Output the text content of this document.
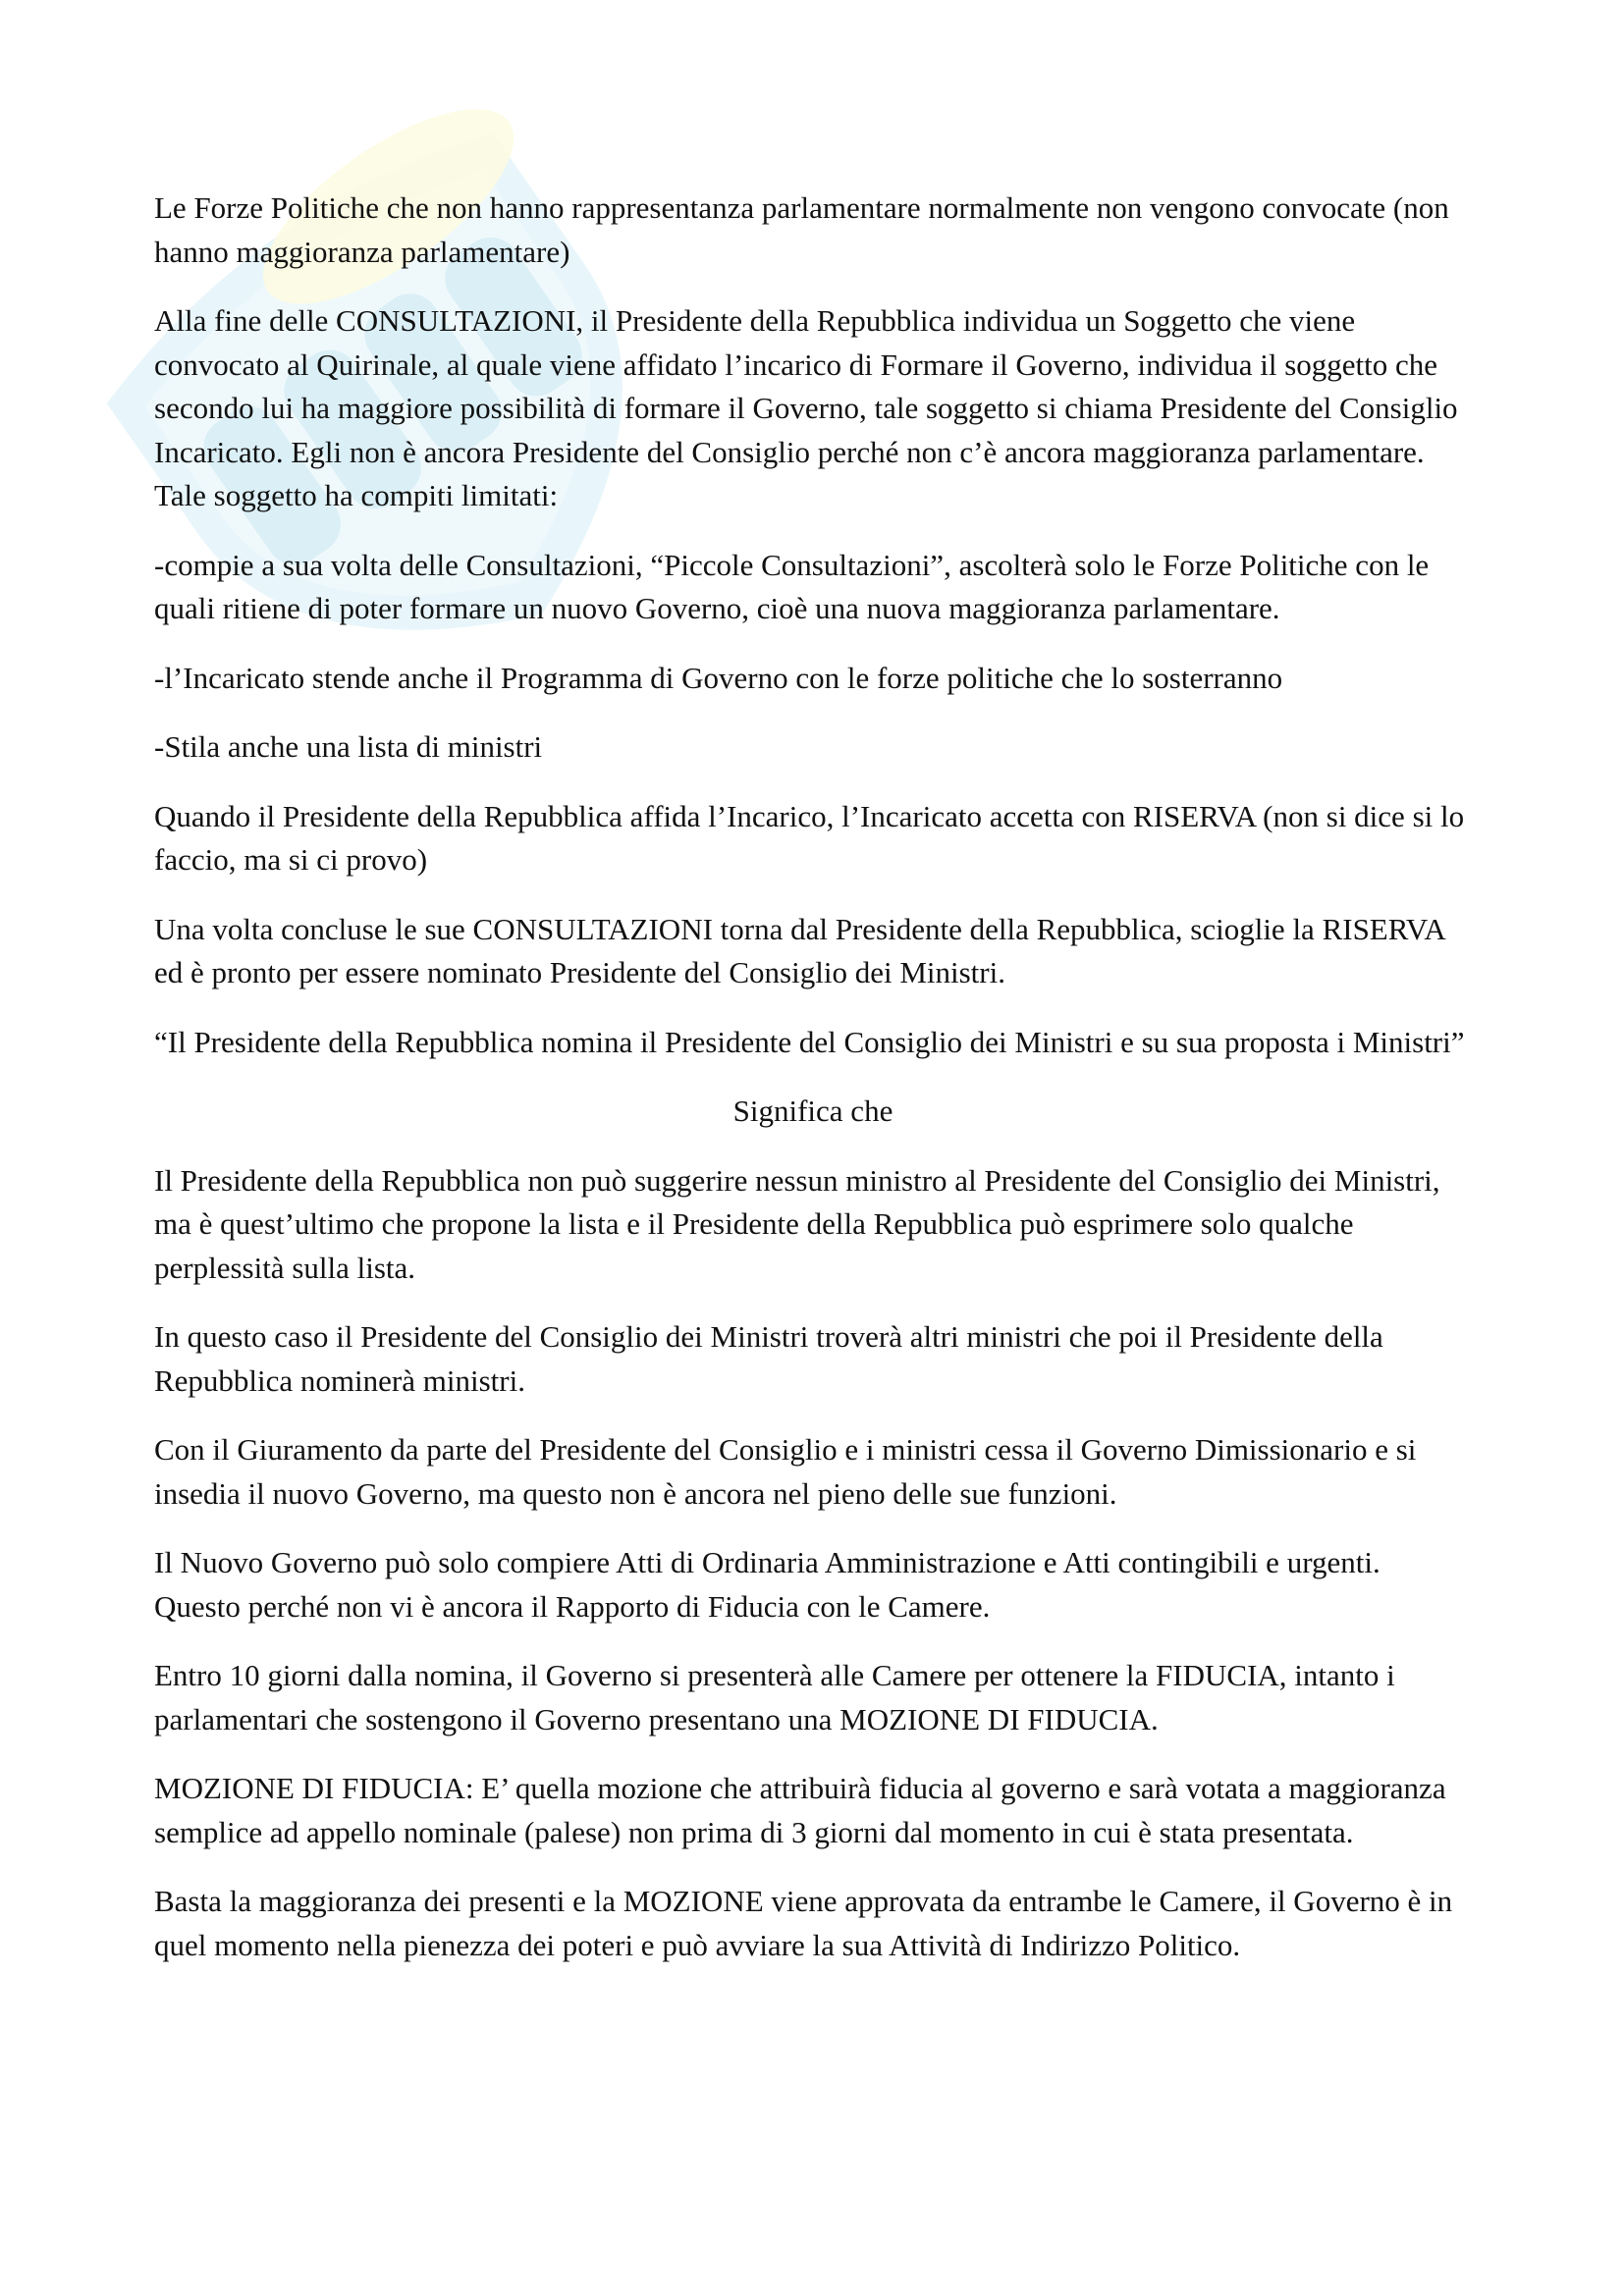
Le Forze Politiche che non hanno rappresentanza parlamentare normalmente non vengono convocate (non hanno maggioranza parlamentare)

Alla fine delle CONSULTAZIONI, il Presidente della Repubblica individua un Soggetto che viene convocato al Quirinale, al quale viene affidato l’incarico di Formare il Governo, individua il soggetto che secondo lui ha maggiore possibilità di formare il Governo, tale soggetto si chiama Presidente del Consiglio Incaricato. Egli non è ancora Presidente del Consiglio perché non c’è ancora maggioranza parlamentare. Tale soggetto ha compiti limitati:

-compie a sua volta delle Consultazioni, “Piccole Consultazioni”, ascolterà solo le Forze Politiche con le quali ritiene di poter formare un nuovo Governo, cioè una nuova maggioranza parlamentare.

-l’Incaricato stende anche il Programma di Governo con le forze politiche che lo sosterranno

-Stila anche una lista di ministri

Quando il Presidente della Repubblica affida l’Incarico, l’Incaricato accetta con RISERVA (non si dice si lo faccio, ma si ci provo)

Una volta concluse le sue CONSULTAZIONI torna dal Presidente della Repubblica, scioglie la RISERVA ed è pronto per essere nominato Presidente del Consiglio dei Ministri.

“Il Presidente della Repubblica nomina il Presidente del Consiglio dei Ministri e su sua proposta i Ministri”

Significa che

Il Presidente della Repubblica non può suggerire nessun ministro al Presidente del Consiglio dei Ministri, ma è quest’ultimo che propone la lista e il Presidente della Repubblica può esprimere solo qualche perplessità sulla lista.

In questo caso il Presidente del Consiglio dei Ministri troverà altri ministri che poi il Presidente della Repubblica nominerà ministri.

Con il Giuramento da parte del Presidente del Consiglio e i ministri cessa il Governo Dimissionario e si insedia il nuovo Governo, ma questo non è ancora nel pieno delle sue funzioni.

Il Nuovo Governo può solo compiere Atti di Ordinaria Amministrazione e Atti contingibili e urgenti. Questo perché non vi è ancora il Rapporto di Fiducia con le Camere.

Entro 10 giorni dalla nomina, il Governo si presenterà alle Camere per ottenere la FIDUCIA, intanto i parlamentari che sostengono il Governo presentano una MOZIONE DI FIDUCIA.

MOZIONE DI FIDUCIA: E’ quella mozione che attribuirà fiducia al governo e sarà votata a maggioranza semplice ad appello nominale (palese) non prima di 3 giorni dal momento in cui è stata presentata.

Basta la maggioranza dei presenti e la MOZIONE viene approvata da entrambe le Camere, il Governo è in quel momento nella pienezza dei poteri e può avviare la sua Attività di Indirizzo Politico.
